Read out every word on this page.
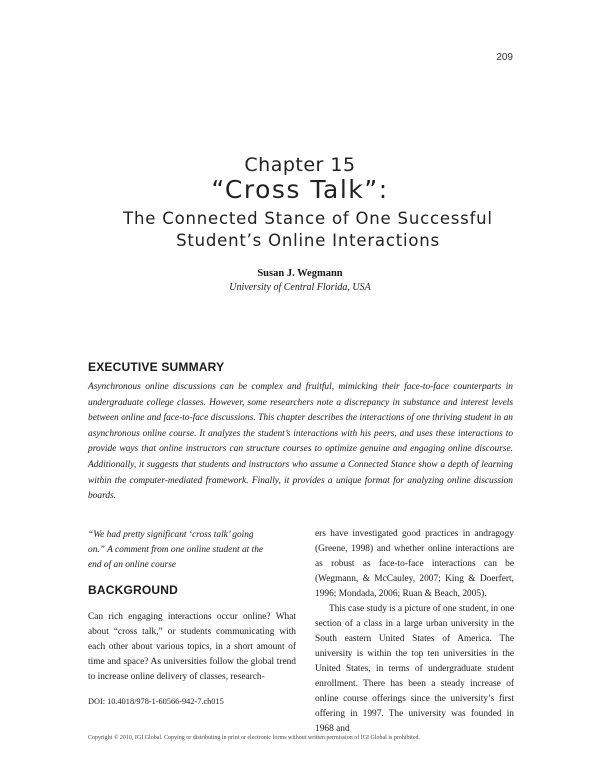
209
Chapter 15
“Cross Talk”:
The Connected Stance of One Successful
Student’s Online Interactions
Susan J. Wegmann
University of Central Florida, USA
EXECUTIVE SUMMARY
Asynchronous online discussions can be complex and fruitful, mimicking their face-to-face counterparts in undergraduate college classes. However, some researchers note a discrepancy in substance and interest levels between online and face-to-face discussions. This chapter describes the interactions of one thriving student in an asynchronous online course. It analyzes the student’s interactions with his peers, and uses these interactions to provide ways that online instructors can structure courses to optimize genuine and engaging online discourse. Additionally, it suggests that students and instructors who assume a Connected Stance show a depth of learning within the computer-mediated framework. Finally, it provides a unique format for analyzing online discussion boards.
“We had pretty significant ‘cross talk’ going on.” A comment from one online student at the end of an online course
BACKGROUND
Can rich engaging interactions occur online? What about “cross talk,” or students communicating with each other about various topics, in a short amount of time and space? As universities follow the global trend to increase online delivery of classes, research-
DOI: 10.4018/978-1-60566-942-7.ch015

ers have investigated good practices in andragogy (Greene, 1998) and whether online interactions are as robust as face-to-face interactions can be (Wegmann, & McCauley, 2007; King & Doerfert, 1996; Mondada, 2006; Ruan & Beach, 2005).

This case study is a picture of one student, in one section of a class in a large urban university in the South eastern United States of America. The university is within the top ten universities in the United States, in terms of undergraduate student enrollment. There has been a steady increase of online course offerings since the university’s first offering in 1997. The university was founded in 1968 and

Copyright © 2010, IGI Global. Copying or distributing in print or electronic forms without written permission of IGI Global is prohibited.
